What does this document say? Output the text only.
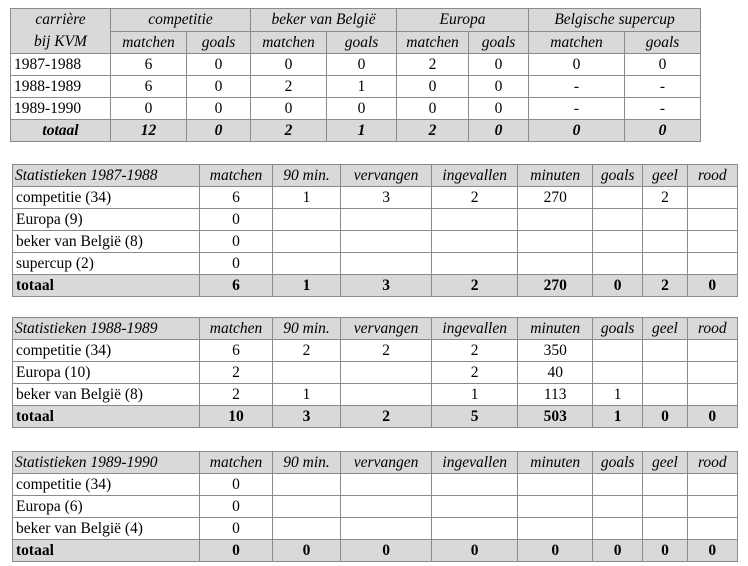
carrière
bij KVM	competitie		beker van België		Europa		Belgische supercup	
	matchen	goals	matchen	goals	matchen	goals	matchen	goals
1987-1988	6	0	0	0	2	0	0	0
1988-1989	6	0	2	1	0	0	-	-
1989-1990	0	0	0	0	0	0	-	-
totaal	12	0	2	1	2	0	0	0
Statistieken 1987-1988	matchen	90 min.	vervangen	ingevallen	minuten	goals	geel	rood
competitie (34)	6	1	3	2	270		2	
Europa (9)	0							
beker van België (8)	0							
supercup (2)	0							
totaal	6	1	3	2	270	0	2	0
Statistieken 1988-1989	matchen	90 min.	vervangen	ingevallen	minuten	goals	geel	rood
competitie (34)	6	2	2	2	350			
Europa (10)	2			2	40			
beker van België (8)	2	1		1	113	1		
totaal	10	3	2	5	503	1	0	0
Statistieken 1989-1990	matchen	90 min.	vervangen	ingevallen	minuten	goals	geel	rood
competitie (34)	0							
Europa (6)	0							
beker van België (4)	0							
totaal	0	0	0	0	0	0	0	0
